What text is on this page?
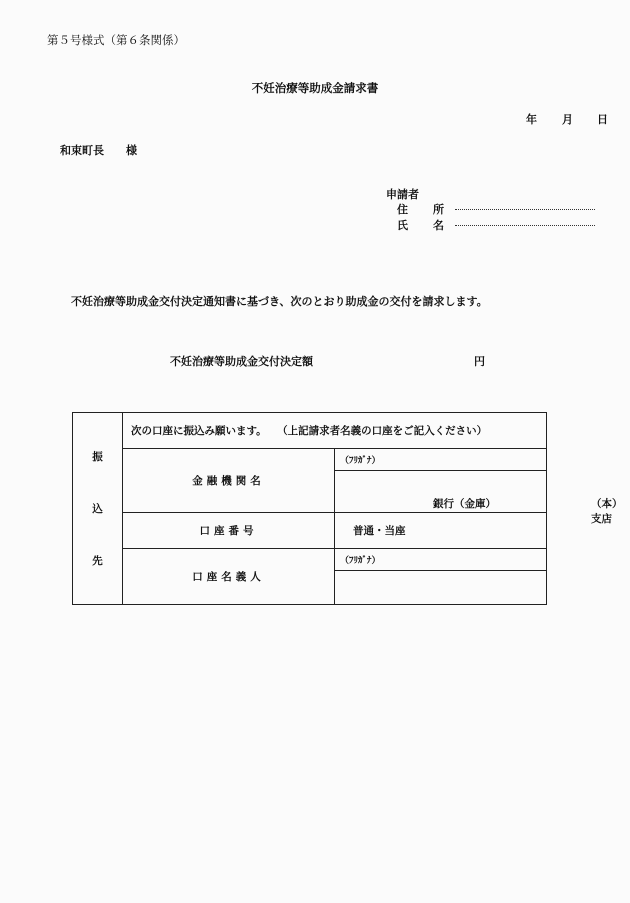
第５号様式（第６条関係）
不妊治療等助成金請求書
年 月 日
和束町長　　様
申請者
住 所
氏 名
不妊治療等助成金交付決定通知書に基づき、次のとおり助成金の交付を請求します。
不妊治療等助成金交付決定額	円
振
込
先	次の口座に振込み願います。　　（上記請求者名義の口座をご記入ください）	
	金融機関名	（ﾌﾘｶﾞﾅ）

		銀行（金庫） （本）支店

	口座番号	普通・当座
	口座名義人	（ﾌﾘｶﾞﾅ）
